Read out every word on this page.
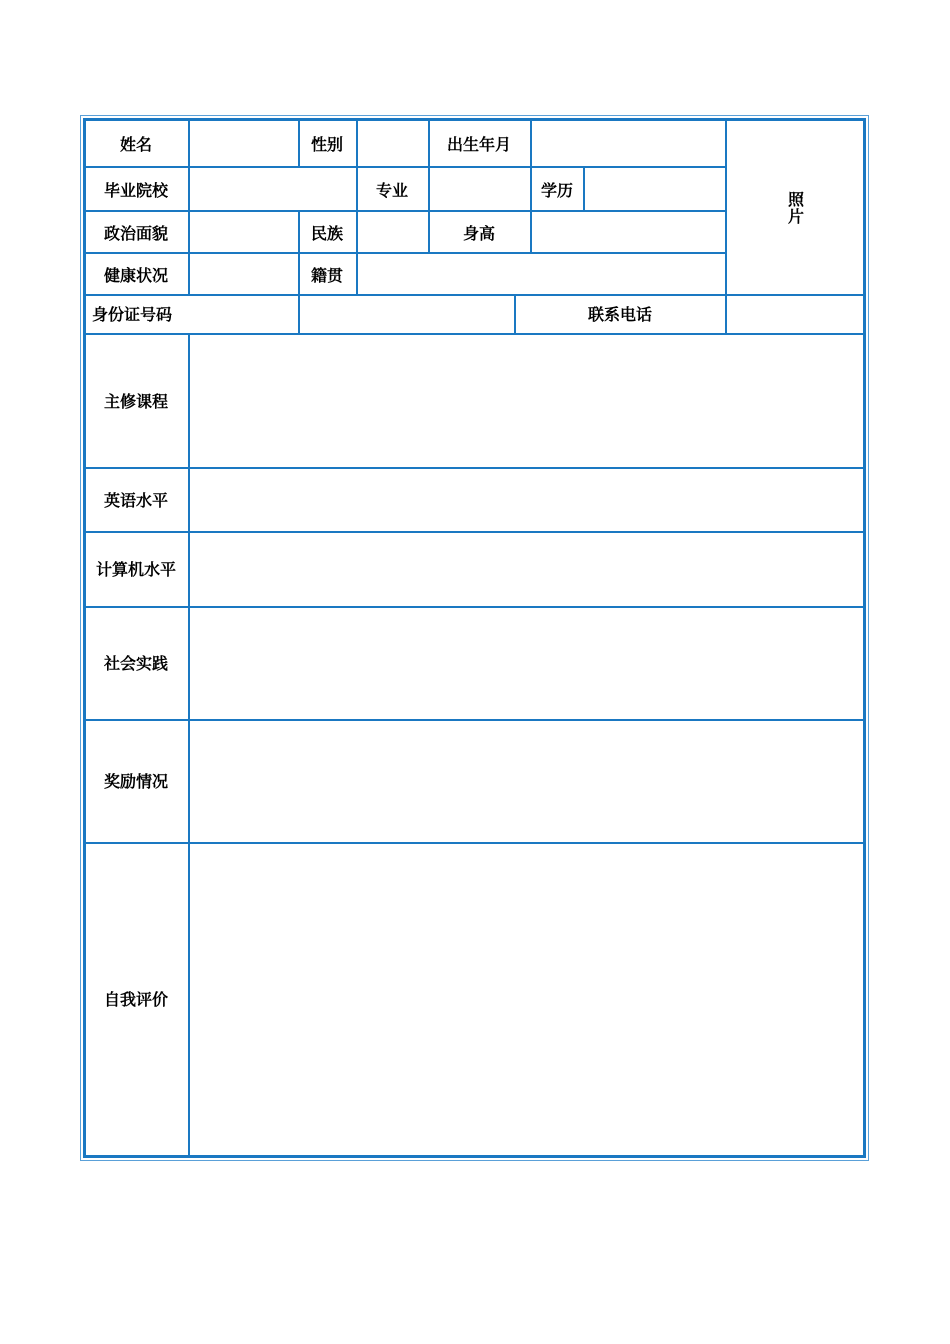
姓名	性别	出生年月
照片
毕业院校	专业	学历
政治面貌	民族	身高
健康状况	籍贯
身份证号码	联系电话
主修课程
英语水平
计算机水平
社会实践
奖励情况
自我评价
